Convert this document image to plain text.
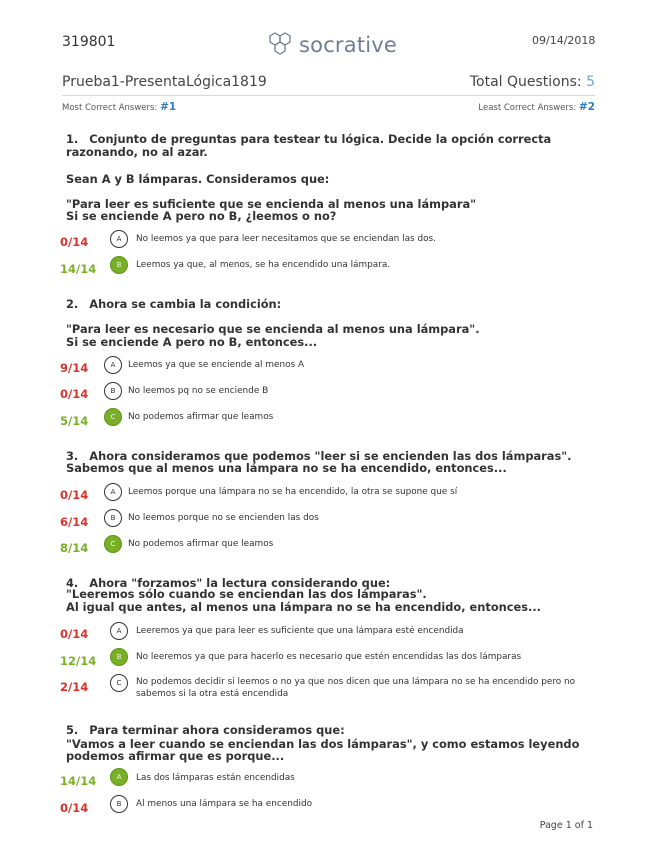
319801	socrative	09/14/2018
Prueba1-PresentaLógica1819	Total Questions: 5
Most Correct Answers: #1	Least Correct Answers: #2
1. Conjunto de preguntas para testear tu lógica. Decide la opción correcta razonando, no al azar.
Sean A y B lámparas. Consideramos que:
"Para leer es suficiente que se encienda al menos una lámpara"
Si se enciende A pero no B, ¿leemos o no?
0/14	A	No leemos ya que para leer necesitamos que se enciendan las dos.
14/14	B	Leemos ya que, al menos, se ha encendido una lámpara.
2. Ahora se cambia la condición:
"Para leer es necesario que se encienda al menos una lámpara".
Si se enciende A pero no B, entonces...
9/14	A	Leemos ya que se enciende al menos A
0/14	B	No leemos pq no se enciende B
5/14	C	No podemos afirmar que leamos
3. Ahora consideramos que podemos "leer si se encienden las dos lámparas".
Sabemos que al menos una lámpara no se ha encendido, entonces...
0/14	A	Leemos porque una lámpara no se ha encendido, la otra se supone que sí
6/14	B	No leemos porque no se encienden las dos
8/14	C	No podemos afirmar que leamos
4. Ahora "forzamos" la lectura considerando que:
"Leeremos sólo cuando se enciendan las dos lámparas".
Al igual que antes, al menos una lámpara no se ha encendido, entonces...
0/14	A	Leeremos ya que para leer es suficiente que una lámpara esté encendida
12/14	B	No leeremos ya que para hacerlo es necesario que estén encendidas las dos lámparas
2/14	C	No podemos decidir si leemos o no ya que nos dicen que una lámpara no se ha encendido pero no sabemos si la otra está encendida
5. Para terminar ahora consideramos que:
"Vamos a leer cuando se enciendan las dos lámparas", y como estamos leyendo podemos afirmar que es porque...
14/14	A	Las dos lámparas están encendidas
0/14	B	Al menos una lámpara se ha encendido
Page 1 of 1
